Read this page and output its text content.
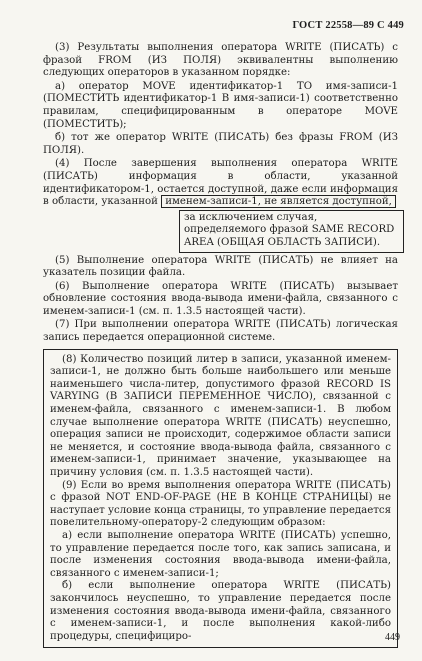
ГОСТ 22558—89 С 449

(3) Результаты выполнения оператора WRITE (ПИСАТЬ) с фразой FROM (ИЗ ПОЛЯ) эквивалентны выполнению следующих операторов в указанном порядке:

а) оператор MOVE идентификатор-1 TO имя-записи-1 (ПОМЕСТИТЬ идентификатор-1 В имя-записи-1) соответственно правилам, специфицированным в операторе MOVE (ПОМЕСТИТЬ);

б) тот же оператор WRITE (ПИСАТЬ) без фразы FROM (ИЗ ПОЛЯ).

(4) После завершения выполнения оператора WRITE (ПИСАТЬ) информация в области, указанной идентификатором-1, остается доступной, даже если информация в области, указанной именем-записи-1, не является доступной,

за исключением случая, определяемого фразой SAME RECORD AREA (ОБЩАЯ ОБЛАСТЬ ЗАПИСИ).

(5) Выполнение оператора WRITE (ПИСАТЬ) не влияет на указатель позиции файла.

(6) Выполнение оператора WRITE (ПИСАТЬ) вызывает обновление состояния ввода-вывода имени-файла, связанного с именем-записи-1 (см. п. 1.3.5 настоящей части).

(7) При выполнении оператора WRITE (ПИСАТЬ) логическая запись передается операционной системе.

(8) Количество позиций литер в записи, указанной именем-записи-1, не должно быть больше наибольшего или меньше наименьшего числа-литер, допустимого фразой RECORD IS VARYING (В ЗАПИСИ ПЕРЕМЕННОЕ ЧИСЛО), связанной с именем-файла, связанного с именем-записи-1. В любом случае выполнение оператора WRITE (ПИСАТЬ) неуспешно, операция записи не происходит, содержимое области записи не меняется, и состояние ввода-вывода файла, связанного с именем-записи-1, принимает значение, указывающее на причину условия (см. п. 1.3.5 настоящей части).

(9) Если во время выполнения оператора WRITE (ПИСАТЬ) с фразой NOT END-OF-PAGE (НЕ В КОНЦЕ СТРАНИЦЫ) не наступает условие конца страницы, то управление передается повелительному-оператору-2 следующим образом:

а) если выполнение оператора WRITE (ПИСАТЬ) успешно, то управление передается после того, как запись записана, и после изменения состояния ввода-вывода имени-файла, связанного с именем-записи-1;

б) если выполнение оператора WRITE (ПИСАТЬ) закончилось неуспешно, то управление передается после изменения состояния ввода-вывода имени-файла, связанного с именем-записи-1, и после выполнения какой-либо процедуры, специфициро-	449
